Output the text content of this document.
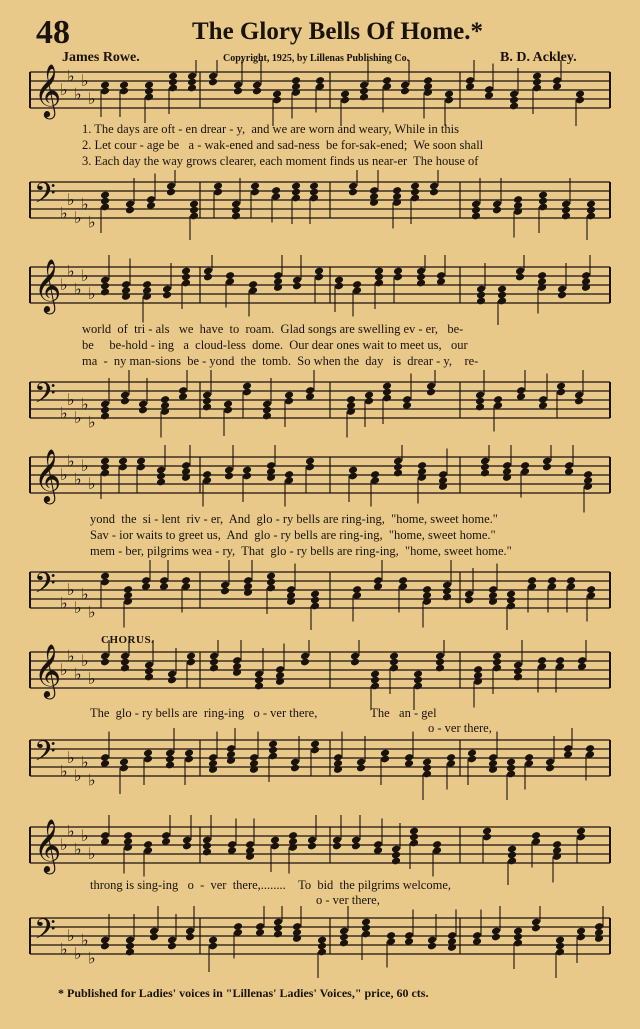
48	The Glory Bells Of Home.*
James Rowe.	Copyright, 1925, by Lillenas Publishing Co.	B. D. Ackley.
𝄞
♭
♭
♭
♭
♭
1. The days are oft - en drear - y,  and we are worn and weary, While in this
2. Let cour - age be   a - wak-ened and sad-ness  be for-sak-ened;  We soon shall
3. Each day the way grows clearer, each moment finds us near-er  The house of
𝄢 ♭
♭
♭
♭
♭
𝄞
♭
♭
♭
♭
♭
world  of  tri - als   we  have  to  roam.  Glad songs are swelling ev - er,   be-
be     be-hold - ing   a  cloud-less  dome.  Our dear ones wait to meet us,   our
ma  -  ny man-sions  be - yond  the  tomb.  So when the  day   is  drear - y,    re-
𝄢 ♭
♭
♭
♭
♭
𝄞
♭
♭
♭
♭
♭
yond  the  si - lent  riv - er,  And  glo - ry bells are ring-ing,  "home, sweet home."
Sav - ior waits to greet us,  And  glo - ry bells are ring-ing,  "home, sweet home."
mem - ber, pilgrims wea - ry,  That  glo - ry bells are ring-ing,  "home, sweet home."
𝄢 ♭
♭
♭
♭
♭
CHORUS.
𝄞
♭
♭
♭
♭
♭
The  glo - ry bells are  ring-ing   o - ver there,                 The   an - gel
o - ver there,
𝄢 ♭
♭
♭
♭
♭
𝄞
♭
♭
♭
♭
♭
throng is sing-ing   o  -  ver  there,........    To  bid  the pilgrims welcome,
o - ver there,
𝄢 ♭
♭
♭
♭
♭
* Published for Ladies' voices in "Lillenas' Ladies' Voices," price, 60 cts.
